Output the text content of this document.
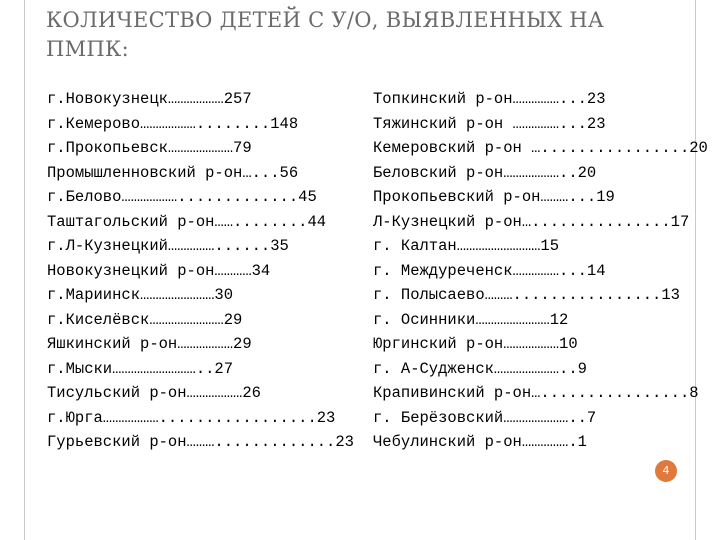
КОЛИЧЕСТВО ДЕТЕЙ С У/О, ВЫЯВЛЕННЫХ НА ПМПК:
г.Новокузнецк………………257
г.Кемерово………………........148
г.Прокопьевск…………………79
Промышленновский р-он…...56
г.Белово……………….............45
Таштагольский р-он……........44
г.Л-Кузнецкий……………......35
Новокузнецкий р-он…………34
г.Мариинск……………………30
г.Киселёвск……………………29
Яшкинский р-он………………29
г.Мыски………………………..27
Тисульский р-он………………26
г.Юрга……………….................23
Гурьевский р-он……….............23
Топкинский р-он……………...23
Тяжинский р-он ……………...23
Кемеровский р-он …................20
Беловский р-он………………..20
Прокопьевский р-он………...19
Л-Кузнецкий р-он…...............17
г. Калтан………………………15
г. Междуреченск……………...14
г. Полысаево………................13
г. Осинники……………………12
Юргинский р-он………………10
г. А-Судженск…………………..9
Крапивинский р-он…................8
г. Берёзовский…………………..7
Чебулинский р-он…………….1
4
